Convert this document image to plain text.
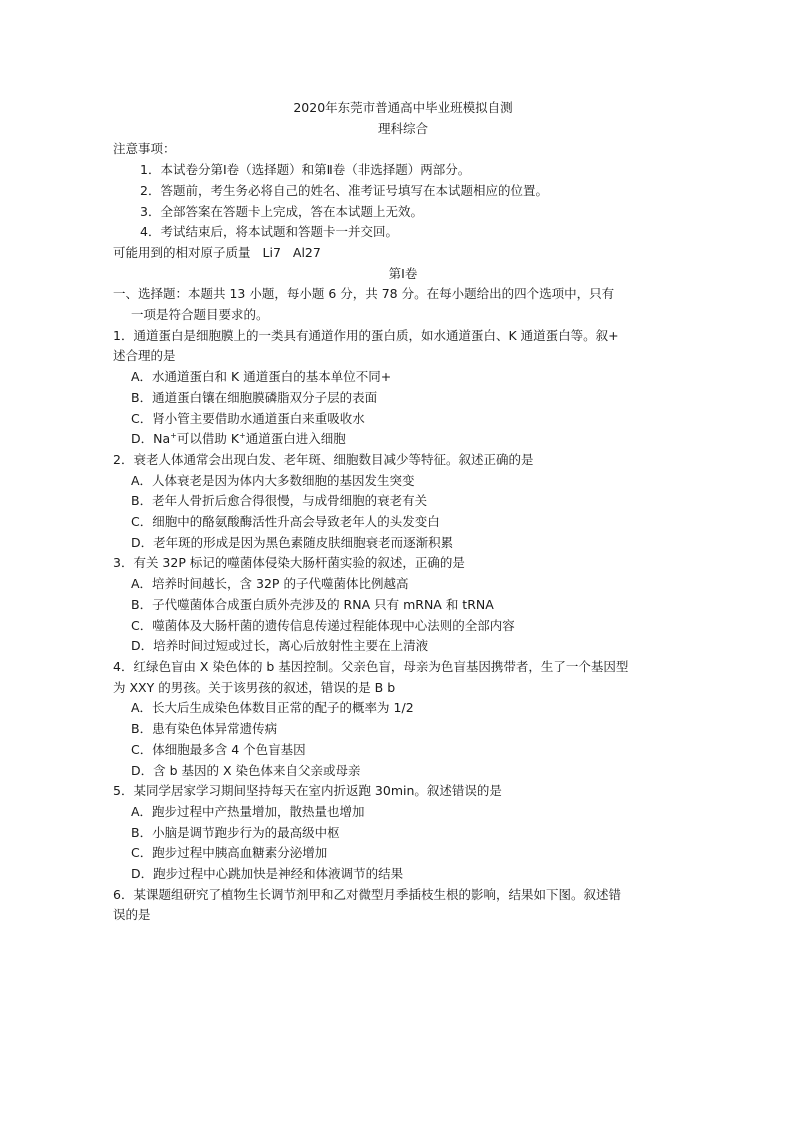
2020年东莞市普通高中毕业班模拟自测
理科综合
注意事项：
1．本试卷分第Ⅰ卷（选择题）和第Ⅱ卷（非选择题）两部分。
2．答题前，考生务必将自己的姓名、准考证号填写在本试题相应的位置。
3．全部答案在答题卡上完成，答在本试题上无效。
4．考试结束后，将本试题和答题卡一并交回。
可能用到的相对原子质量 Li7 Al27
第Ⅰ卷
一、选择题：本题共 13 小题，每小题 6 分，共 78 分。在每小题给出的四个选项中，只有
一项是符合题目要求的。
1．通道蛋白是细胞膜上的一类具有通道作用的蛋白质，如水通道蛋白、K 通道蛋白等。叙+
述合理的是
A．水通道蛋白和 K 通道蛋白的基本单位不同+
B．通道蛋白镶在细胞膜磷脂双分子层的表面
C．肾小管主要借助水通道蛋白来重吸收水
D．Na+可以借助 K+通道蛋白进入细胞
2．衰老人体通常会出现白发、老年斑、细胞数目减少等特征。叙述正确的是
A．人体衰老是因为体内大多数细胞的基因发生突变
B．老年人骨折后愈合得很慢，与成骨细胞的衰老有关
C．细胞中的酪氨酸酶活性升高会导致老年人的头发变白
D．老年斑的形成是因为黑色素随皮肤细胞衰老而逐渐积累
3．有关 32P 标记的噬菌体侵染大肠杆菌实验的叙述，正确的是
A．培养时间越长，含 32P 的子代噬菌体比例越高
B．子代噬菌体合成蛋白质外壳涉及的 RNA 只有 mRNA 和 tRNA
C．噬菌体及大肠杆菌的遗传信息传递过程能体现中心法则的全部内容
D．培养时间过短或过长，离心后放射性主要在上清液
4．红绿色盲由 X 染色体的 b 基因控制。父亲色盲，母亲为色盲基因携带者，生了一个基因型
为 XXY 的男孩。关于该男孩的叙述，错误的是 B b
A．长大后生成染色体数目正常的配子的概率为 1/2
B．患有染色体异常遗传病
C．体细胞最多含 4 个色盲基因
D．含 b 基因的 X 染色体来自父亲或母亲
5．某同学居家学习期间坚持每天在室内折返跑 30min。叙述错误的是
A．跑步过程中产热量增加，散热量也增加
B．小脑是调节跑步行为的最高级中枢
C．跑步过程中胰高血糖素分泌增加
D．跑步过程中心跳加快是神经和体液调节的结果
6．某课题组研究了植物生长调节剂甲和乙对微型月季插枝生根的影响，结果如下图。叙述错
误的是
